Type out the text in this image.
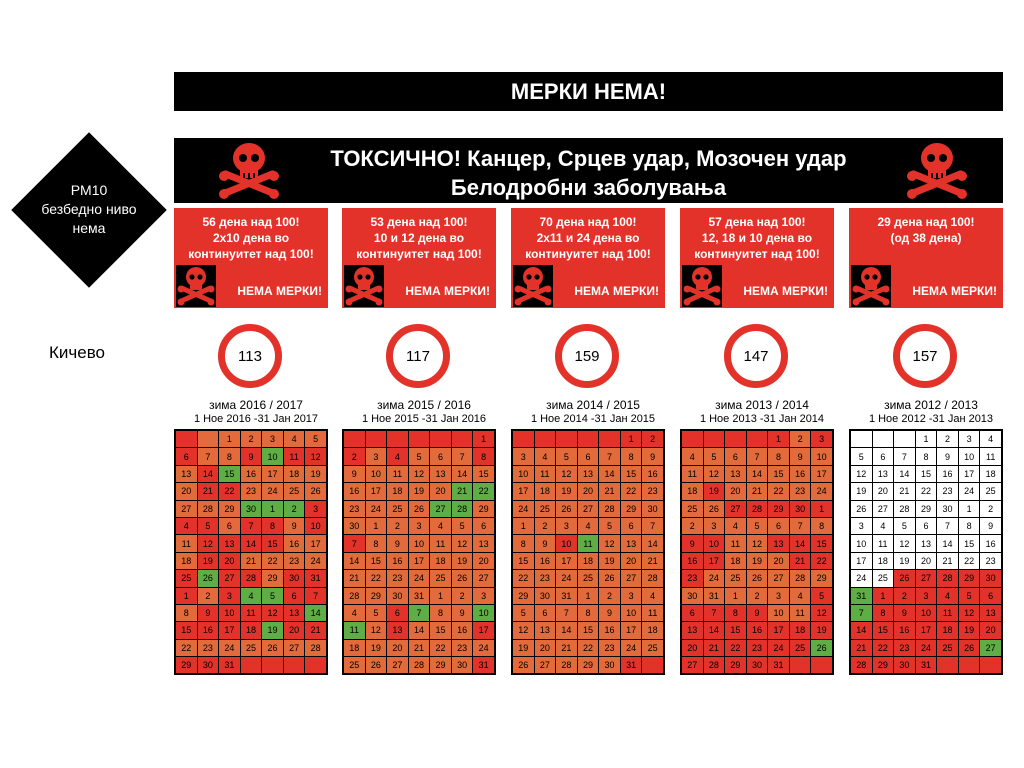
МЕРКИ НЕМА!
ТОКСИЧНО! Канцер, Срцев удар, Мозочен удар
Белодробни заболувања
PM10
безбедно ниво
нема
Кичево
56 дена над 100!
2x10 дена во
континуитет над 100!
НЕМА МЕРКИ!
113
зима 2016 / 2017
1 Ное 2016 -31 Јан 2017
		1	2	3	4	5
6	7	8	9	10	11	12
13	14	15	16	17	18	19
20	21	22	23	24	25	26
27	28	29	30	1	2	3
4	5	6	7	8	9	10
11	12	13	14	15	16	17
18	19	20	21	22	23	24
25	26	27	28	29	30	31
1	2	3	4	5	6	7
8	9	10	11	12	13	14
15	16	17	18	19	20	21
22	23	24	25	26	27	28
29	30	31				
53 дена над 100!
10 и 12 дена во
континуитет над 100!
НЕМА МЕРКИ!
117
зима 2015 / 2016
1 Ное 2015 -31 Јан 2016
						1
2	3	4	5	6	7	8
9	10	11	12	13	14	15
16	17	18	19	20	21	22
23	24	25	26	27	28	29
30	1	2	3	4	5	6
7	8	9	10	11	12	13
14	15	16	17	18	19	20
21	22	23	24	25	26	27
28	29	30	31	1	2	3
4	5	6	7	8	9	10
11	12	13	14	15	16	17
18	19	20	21	22	23	24
25	26	27	28	29	30	31
70 дена над 100!
2x11 и 24 дена во
континуитет над 100!
НЕМА МЕРКИ!
159
зима 2014 / 2015
1 Ное 2014 -31 Јан 2015
					1	2
3	4	5	6	7	8	9
10	11	12	13	14	15	16
17	18	19	20	21	22	23
24	25	26	27	28	29	30
1	2	3	4	5	6	7
8	9	10	11	12	13	14
15	16	17	18	19	20	21
22	23	24	25	26	27	28
29	30	31	1	2	3	4
5	6	7	8	9	10	11
12	13	14	15	16	17	18
19	20	21	22	23	24	25
26	27	28	29	30	31	
57 дена над 100!
12, 18 и 10 дена во
континуитет над 100!
НЕМА МЕРКИ!
147
зима 2013 / 2014
1 Ное 2013 -31 Јан 2014
				1	2	3
4	5	6	7	8	9	10
11	12	13	14	15	16	17
18	19	20	21	22	23	24
25	26	27	28	29	30	1
2	3	4	5	6	7	8
9	10	11	12	13	14	15
16	17	18	19	20	21	22
23	24	25	26	27	28	29
30	31	1	2	3	4	5
6	7	8	9	10	11	12
13	14	15	16	17	18	19
20	21	22	23	24	25	26
27	28	29	30	31		
29 дена над 100!
(од 38 дена)
НЕМА МЕРКИ!
157
зима 2012 / 2013
1 Ное 2012 -31 Јан 2013
			1	2	3	4
5	6	7	8	9	10	11
12	13	14	15	16	17	18
19	20	21	22	23	24	25
26	27	28	29	30	1	2
3	4	5	6	7	8	9
10	11	12	13	14	15	16
17	18	19	20	21	22	23
24	25	26	27	28	29	30
31	1	2	3	4	5	6
7	8	9	10	11	12	13
14	15	16	17	18	19	20
21	22	23	24	25	26	27
28	29	30	31			
